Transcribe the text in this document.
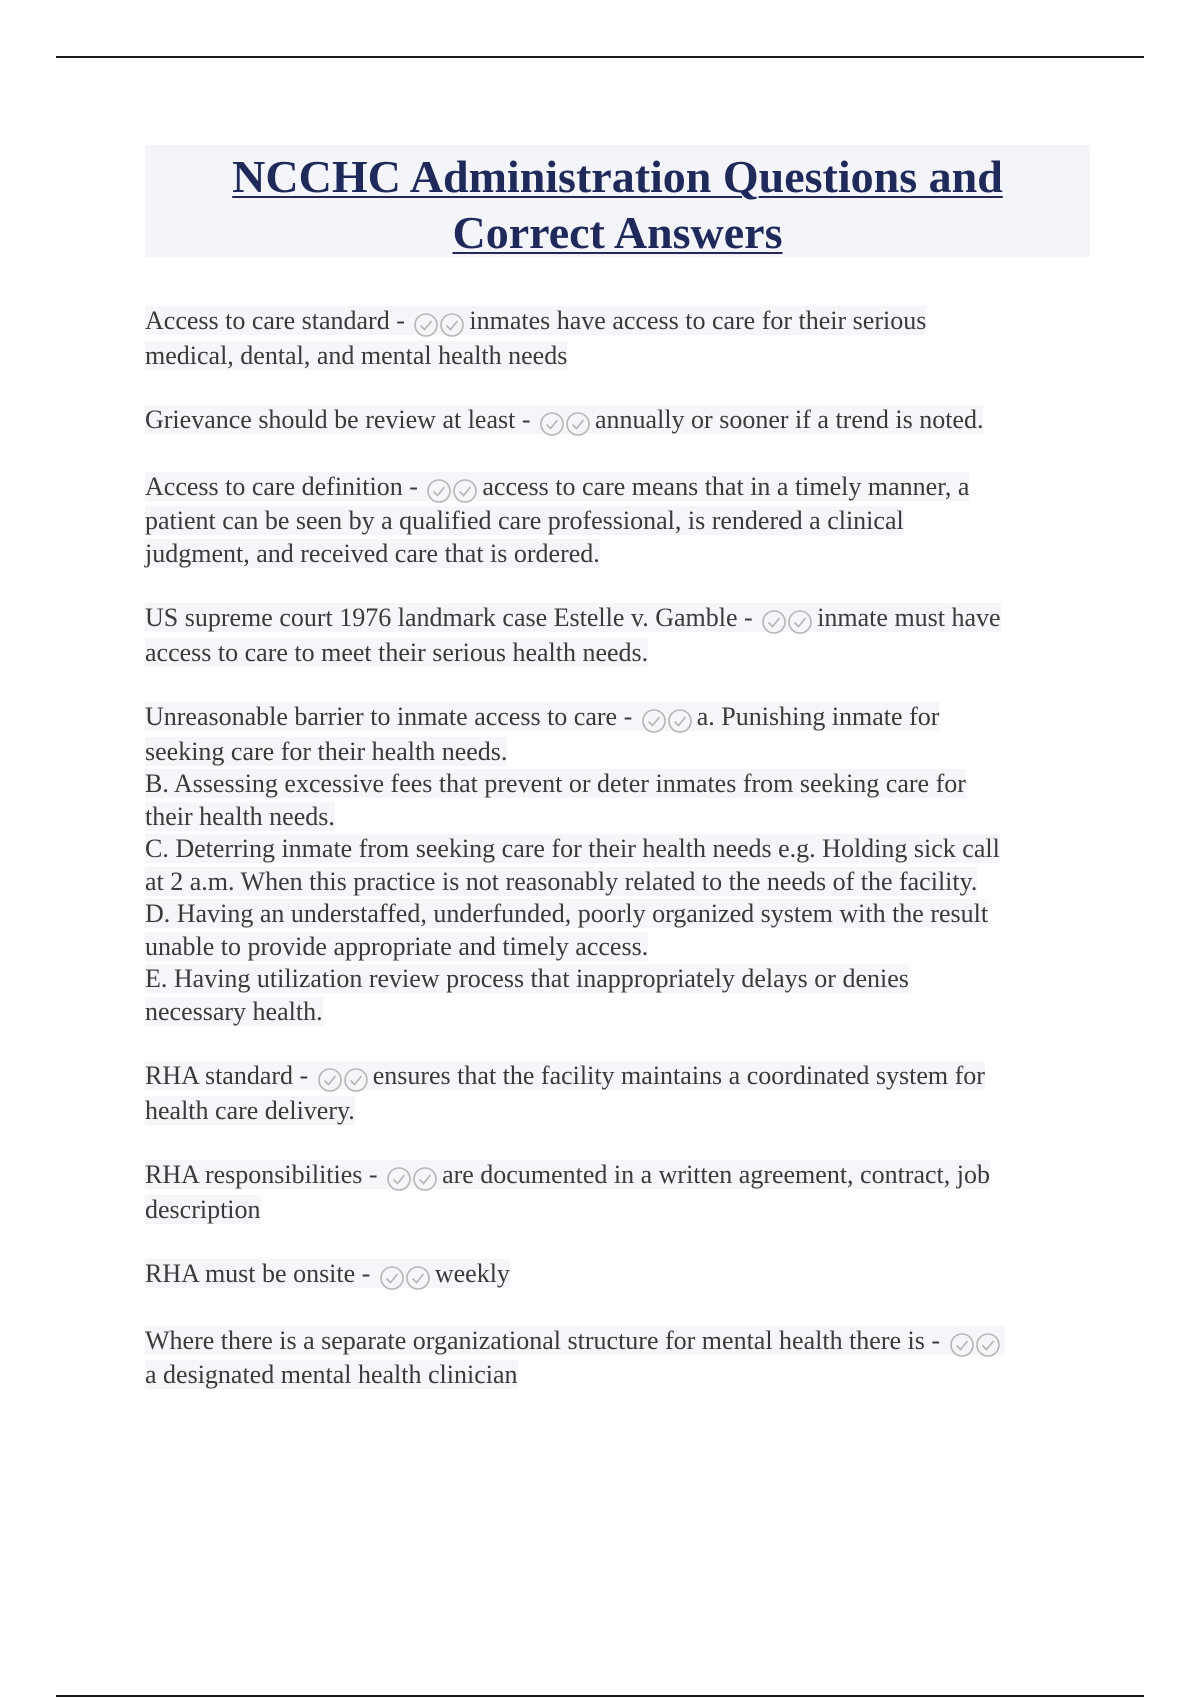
NCCHC Administration Questions and
Correct Answers

Access to care standard - inmates have access to care for their serious
medical, dental, and mental health needs

Grievance should be review at least - annually or sooner if a trend is noted.

Access to care definition - access to care means that in a timely manner, a
patient can be seen by a qualified care professional, is rendered a clinical
judgment, and received care that is ordered.

US supreme court 1976 landmark case Estelle v. Gamble - inmate must have
access to care to meet their serious health needs.

Unreasonable barrier to inmate access to care - a. Punishing inmate for
seeking care for their health needs.
B. Assessing excessive fees that prevent or deter inmates from seeking care for
their health needs.
C. Deterring inmate from seeking care for their health needs e.g. Holding sick call
at 2 a.m. When this practice is not reasonably related to the needs of the facility.
D. Having an understaffed, underfunded, poorly organized system with the result
unable to provide appropriate and timely access.
E. Having utilization review process that inappropriately delays or denies
necessary health.

RHA standard - ensures that the facility maintains a coordinated system for
health care delivery.

RHA responsibilities - are documented in a written agreement, contract, job
description

RHA must be onsite - weekly

Where there is a separate organizational structure for mental health there is -
a designated mental health clinician
